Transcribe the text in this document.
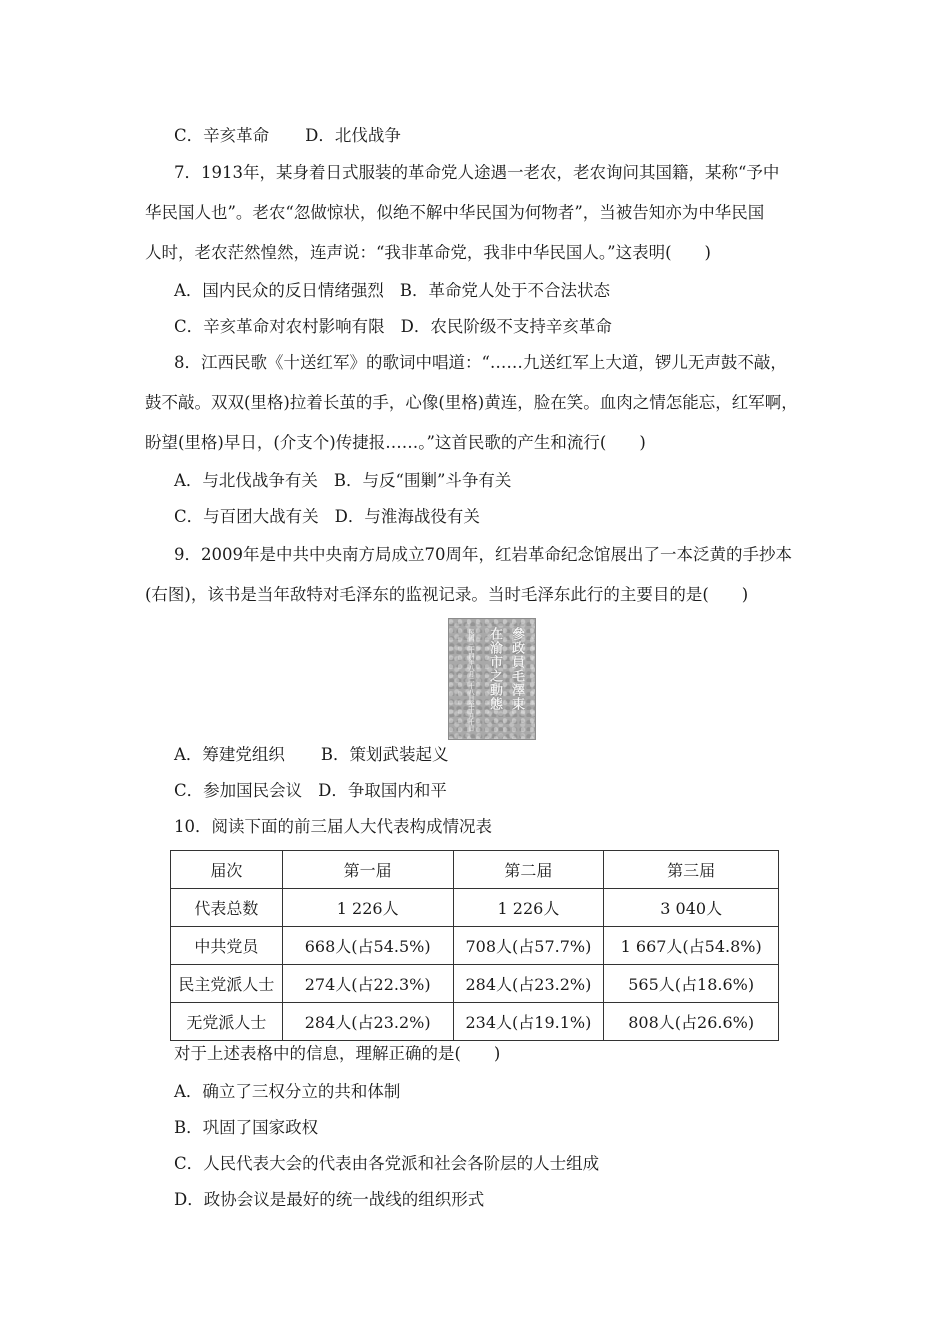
C．辛亥革命 D．北伐战争
7．1913年，某身着日式服装的革命党人途遇一老农，老农询问其国籍，某称“予中
华民国人也”。老农“忽做惊状，似绝不解中华民国为何物者”，当被告知亦为中华民国
人时，老农茫然惶然，连声说：“我非革命党，我非中华民国人。”这表明(　　)
A．国内民众的反日情绪强烈 B．革命党人处于不合法状态
C．辛亥革命对农村影响有限 D．农民阶级不支持辛亥革命
8．江西民歌《十送红军》的歌词中唱道：“……九送红军上大道，锣儿无声鼓不敲，
鼓不敲。双双(里格)拉着长茧的手，心像(里格)黄连，脸在笑。血肉之情怎能忘，红军啊，
盼望(里格)早日，(介支个)传捷报……。”这首民歌的产生和流行(　　)
A．与北伐战争有关 B．与反“围剿”斗争有关
C．与百团大战有关 D．与淮海战役有关
9．2009年是中共中央南方局成立70周年，红岩革命纪念馆展出了一本泛黄的手抄本
(右图)，该书是当年敌特对毛泽东的监视记录。当时毛泽东此行的主要目的是(　　)
參政員毛澤東
在渝市之動態
民國三十四年八月二十八日至十月十日
A．筹建党组织 B．策划武装起义
C．参加国民会议 D．争取国内和平
10．阅读下面的前三届人大代表构成情况表
届次	第一届	第二届	第三届
代表总数	1 226人	1 226人	3 040人
中共党员	668人(占54.5%)	708人(占57.7%)	1 667人(占54.8%)
民主党派人士	274人(占22.3%)	284人(占23.2%)	565人(占18.6%)
无党派人士	284人(占23.2%)	234人(占19.1%)	808人(占26.6%)
对于上述表格中的信息，理解正确的是(　　)
A．确立了三权分立的共和体制
B．巩固了国家政权
C．人民代表大会的代表由各党派和社会各阶层的人士组成
D．政协会议是最好的统一战线的组织形式
